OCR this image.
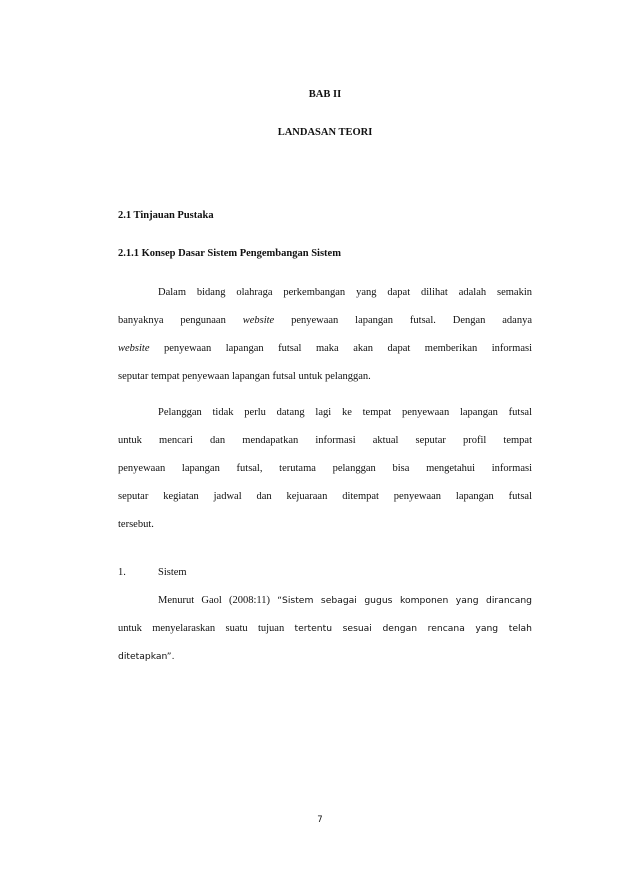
BAB II
LANDASAN TEORI
2.1 Tinjauan Pustaka
2.1.1 Konsep Dasar Sistem Pengembangan Sistem
Dalam bidang olahraga perkembangan yang dapat dilihat adalah semakin
banyaknya pengunaan website penyewaan lapangan futsal. Dengan adanya
website penyewaan lapangan futsal maka akan dapat memberikan informasi
seputar tempat penyewaan lapangan futsal untuk pelanggan.
Pelanggan tidak perlu datang lagi ke tempat penyewaan lapangan futsal
untuk mencari dan mendapatkan informasi aktual seputar profil tempat
penyewaan lapangan futsal, terutama pelanggan bisa mengetahui informasi
seputar kegiatan jadwal dan kejuaraan ditempat penyewaan lapangan futsal
tersebut.
1.	Sistem
Menurut Gaol (2008:11) “Sistem sebagai gugus komponen yang dirancang
untuk menyelaraskan suatu tujuan tertentu sesuai dengan rencana yang telah
ditetapkan”.
7
